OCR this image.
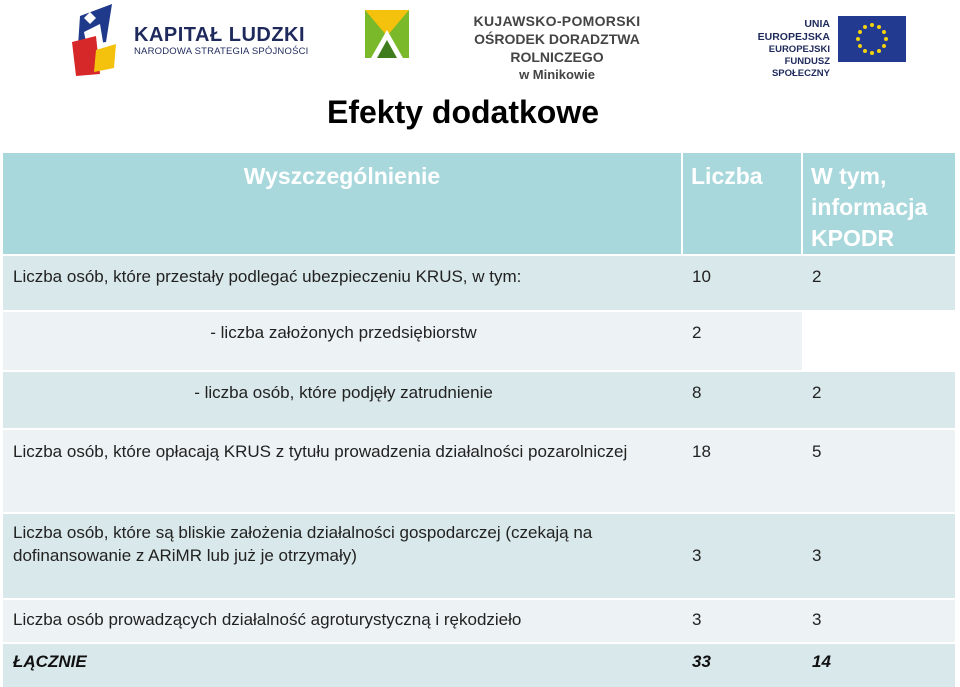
KAPITAŁ LUDZKI
NARODOWA STRATEGIA SPÓJNOŚCI
KUJAWSKO-POMORSKI
OŚRODEK DORADZTWA ROLNICZEGO
w Minikowie
UNIA EUROPEJSKA
EUROPEJSKI
FUNDUSZ SPOŁECZNY
Efekty dodatkowe
Wyszczególnienie	Liczba	W tym, informacja KPODR
Liczba osób, które przestały podlegać ubezpieczeniu KRUS, w tym:	10	2
- liczba założonych przedsiębiorstw	2	
- liczba osób, które podjęły zatrudnienie	8	2
Liczba osób, które opłacają KRUS z tytułu prowadzenia działalności pozarolniczej	18	5
Liczba osób, które są bliskie założenia działalności gospodarczej (czekają na dofinansowanie z ARiMR lub już je otrzymały)	3	3
Liczba osób prowadzących działalność agroturystyczną i rękodzieło	3	3
ŁĄCZNIE	33	14
